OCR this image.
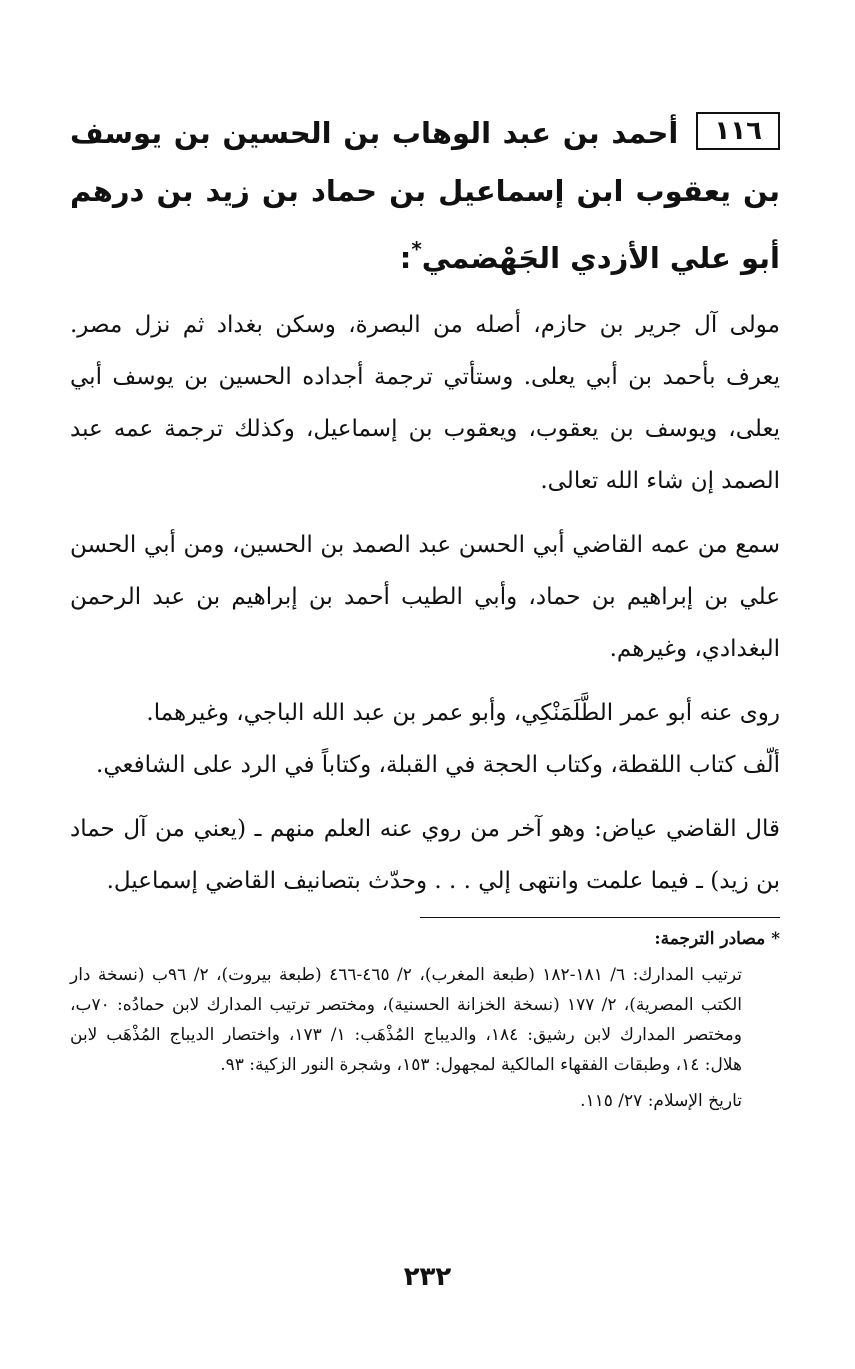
١١٦أحمد بن عبد الوهاب بن الحسين بن يوسف بن يعقوب ابن إسماعيل بن حماد بن زيد بن درهم أبو علي الأزدي الجَهْضمي*:

مولى آل جرير بن حازم، أصله من البصرة، وسكن بغداد ثم نزل مصر. يعرف بأحمد بن أبي يعلى. وستأتي ترجمة أجداده الحسين بن يوسف أبي يعلى، ويوسف بن يعقوب، ويعقوب بن إسماعيل، وكذلك ترجمة عمه عبد الصمد إن شاء الله تعالى.

سمع من عمه القاضي أبي الحسن عبد الصمد بن الحسين، ومن أبي الحسن علي بن إبراهيم بن حماد، وأبي الطيب أحمد بن إبراهيم بن عبد الرحمن البغدادي، وغيرهم.

روى عنه أبو عمر الطَّلَمَنْكِي، وأبو عمر بن عبد الله الباجي، وغيرهما.

ألّف كتاب اللقطة، وكتاب الحجة في القبلة، وكتاباً في الرد على الشافعي.

قال القاضي عياض: وهو آخر من روي عنه العلم منهم ـ (يعني من آل حماد بن زيد) ـ فيما علمت وانتهى إلي . . . وحدّث بتصانيف القاضي إسماعيل.

* مصادر الترجمة:

ترتيب المدارك: ٦/ ١٨١-١٨٢ (طبعة المغرب)، ٢/ ٤٦٥-٤٦٦ (طبعة بيروت)، ٢/ ٩٦ب (نسخة دار الكتب المصرية)، ٢/ ١٧٧ (نسخة الخزانة الحسنية)، ومختصر ترتيب المدارك لابن حمادُه: ٧٠ب، ومختصر المدارك لابن رشيق: ١٨٤، والديباج المُذْهَب: ١/ ١٧٣، واختصار الديباج المُذْهَب لابن هلال: ١٤، وطبقات الفقهاء المالكية لمجهول: ١٥٣، وشجرة النور الزكية: ٩٣.

تاريخ الإسلام: ٢٧/ ١١٥.

٢٣٢
